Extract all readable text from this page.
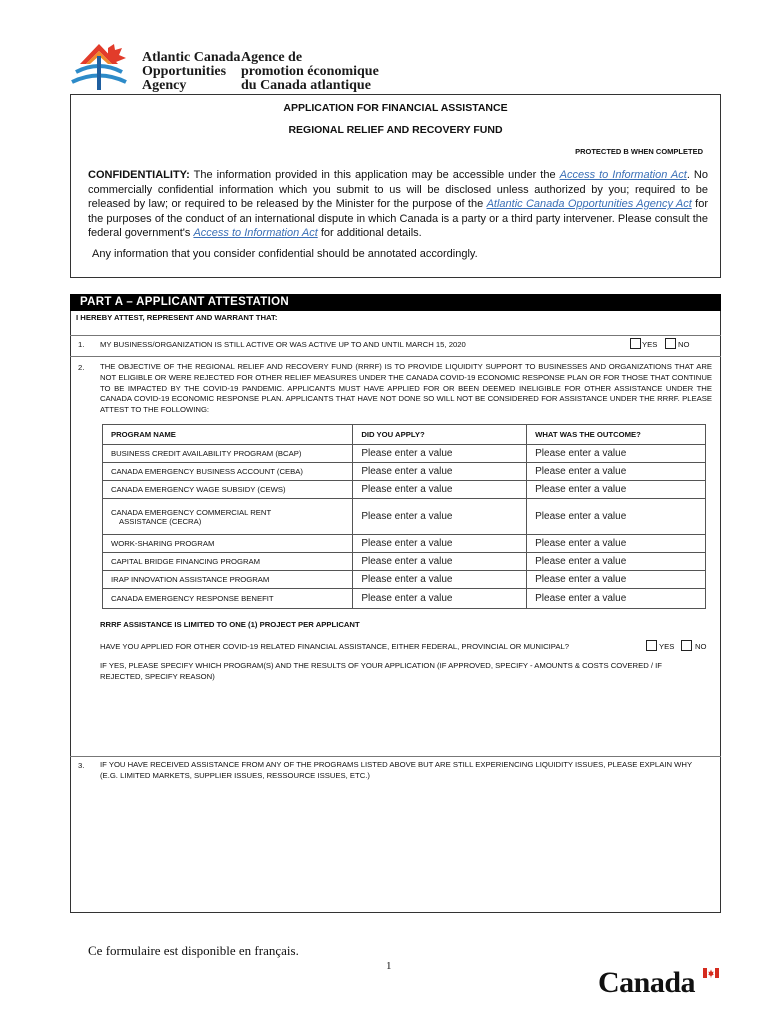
Atlantic Canada
Opportunities
Agency
Agence de
promotion économique
du Canada atlantique
APPLICATION FOR FINANCIAL ASSISTANCE
REGIONAL RELIEF AND RECOVERY FUND
PROTECTED B WHEN COMPLETED
CONFIDENTIALITY: The information provided in this application may be accessible under the Access to Information Act. No commercially confidential information which you submit to us will be disclosed unless authorized by you; required to be released by law; or required to be released by the Minister for the purpose of the Atlantic Canada Opportunities Agency Act for the purposes of the conduct of an international dispute in which Canada is a party or a third party intervener. Please consult the federal government's Access to Information Act for additional details.
Any information that you consider confidential should be annotated accordingly.
PART A – APPLICANT ATTESTATION
I HEREBY ATTEST, REPRESENT AND WARRANT THAT:
1. MY BUSINESS/ORGANIZATION IS STILL ACTIVE OR WAS ACTIVE UP TO AND UNTIL MARCH 15, 2020	YES	NO
2. THE OBJECTIVE OF THE REGIONAL RELIEF AND RECOVERY FUND (RRRF) IS TO PROVIDE LIQUIDITY SUPPORT TO BUSINESSES AND ORGANIZATIONS THAT ARE NOT ELIGIBLE OR WERE REJECTED FOR OTHER RELIEF MEASURES UNDER THE CANADA COVID-19 ECONOMIC RESPONSE PLAN OR FOR THOSE THAT CONTINUE TO BE IMPACTED BY THE COVID-19 PANDEMIC. APPLICANTS MUST HAVE APPLIED FOR OR BEEN DEEMED INELIGIBLE FOR OTHER ASSISTANCE UNDER THE CANADA COVID-19 ECONOMIC RESPONSE PLAN. APPLICANTS THAT HAVE NOT DONE SO WILL NOT BE CONSIDERED FOR ASSISTANCE UNDER THE RRRF. PLEASE ATTEST TO THE FOLLOWING:
PROGRAM NAME	DID YOU APPLY?	WHAT WAS THE OUTCOME?
BUSINESS CREDIT AVAILABILITY PROGRAM (BCAP)	Please enter a value	Please enter a value
CANADA EMERGENCY BUSINESS ACCOUNT (CEBA)	Please enter a value	Please enter a value
CANADA EMERGENCY WAGE SUBSIDY (CEWS)	Please enter a value	Please enter a value

CANADA EMERGENCY COMMERCIAL RENT
ASSISTANCE (CECRA)	Please enter a value	Please enter a value
WORK-SHARING PROGRAM	Please enter a value	Please enter a value
CAPITAL BRIDGE FINANCING PROGRAM	Please enter a value	Please enter a value
IRAP INNOVATION ASSISTANCE PROGRAM	Please enter a value	Please enter a value
CANADA EMERGENCY RESPONSE BENEFIT	Please enter a value	Please enter a value
RRRF ASSISTANCE IS LIMITED TO ONE (1) PROJECT PER APPLICANT
HAVE YOU APPLIED FOR OTHER COVID-19 RELATED FINANCIAL ASSISTANCE, EITHER FEDERAL, PROVINCIAL OR MUNICIPAL?	YES	NO
IF YES, PLEASE SPECIFY WHICH PROGRAM(S) AND THE RESULTS OF YOUR APPLICATION (IF APPROVED, SPECIFY - AMOUNTS & COSTS COVERED / IF REJECTED, SPECIFY REASON)
3. IF YOU HAVE RECEIVED ASSISTANCE FROM ANY OF THE PROGRAMS LISTED ABOVE BUT ARE STILL EXPERIENCING LIQUIDITY ISSUES, PLEASE EXPLAIN WHY (E.G. LIMITED MARKETS, SUPPLIER ISSUES, RESSOURCE ISSUES, ETC.)
Ce formulaire est disponible en français.
1	Canada
